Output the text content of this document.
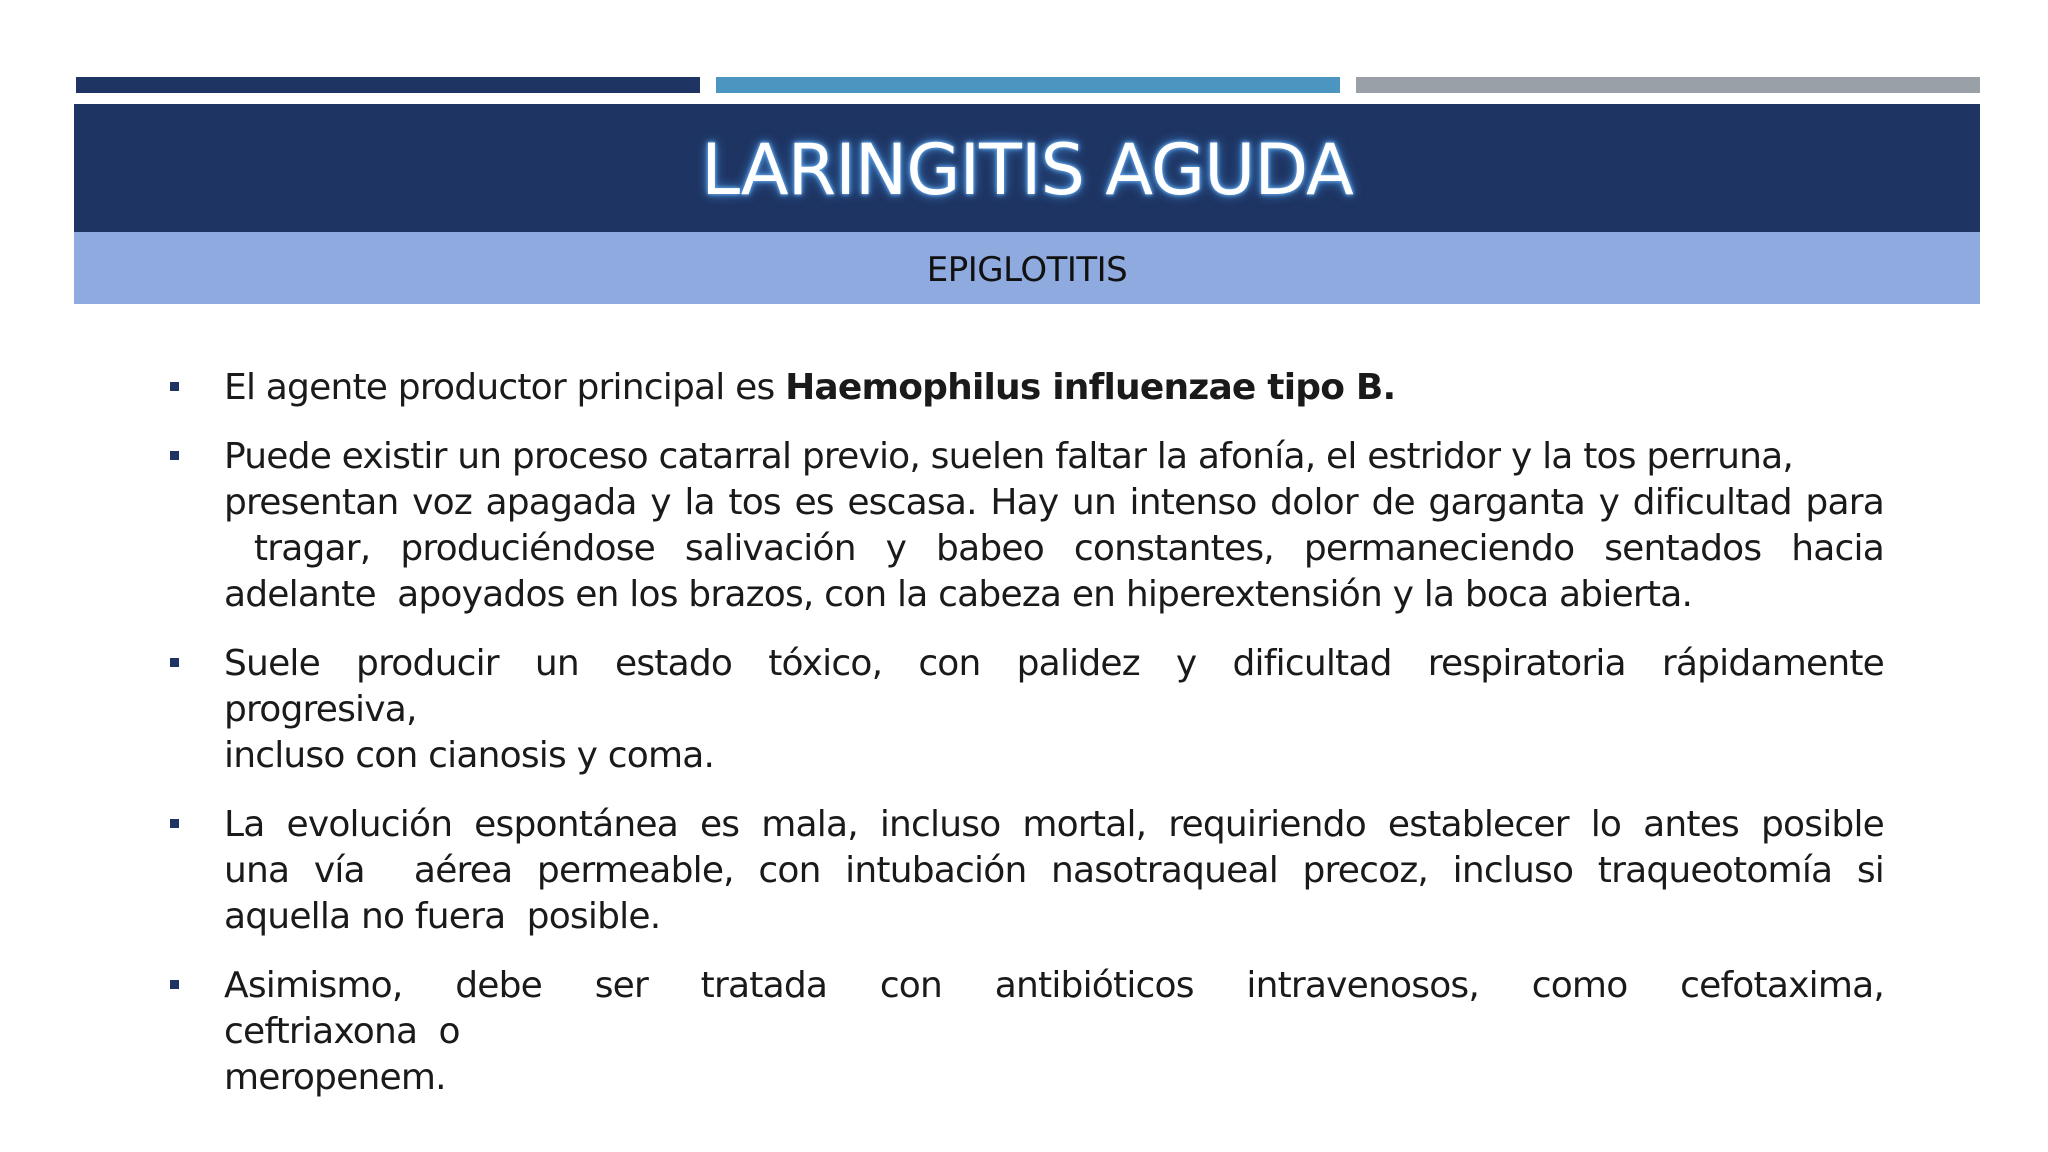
LARINGITIS AGUDA
EPIGLOTITIS
El agente productor principal es Haemophilus influenzae tipo B.
Puede existir un proceso catarral previo, suelen faltar la afonía, el estridor y la tos perruna,
presentan voz apagada y la tos es escasa. Hay un intenso dolor de garganta y dificultad para
tragar, produciéndose salivación y babeo constantes, permaneciendo sentados hacia
adelante  apoyados en los brazos, con la cabeza en hiperextensión y la boca abierta.
Suele producir un estado tóxico, con palidez y dificultad respiratoria rápidamente
progresiva,
incluso con cianosis y coma.
La evolución espontánea es mala, incluso mortal, requiriendo establecer lo antes posible
una vía  aérea permeable, con intubación nasotraqueal precoz, incluso traqueotomía si
aquella no fuera  posible.
Asimismo, debe ser tratada con antibióticos intravenosos, como cefotaxima,
ceftriaxona  o
meropenem.
